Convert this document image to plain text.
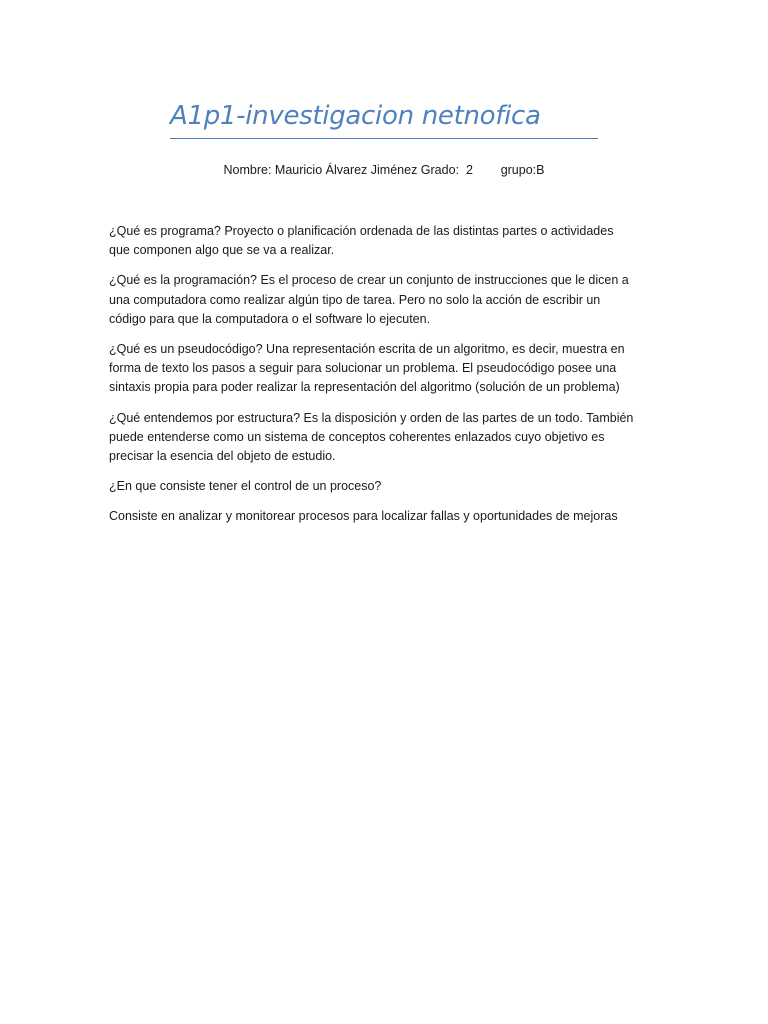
A1p1-investigacion netnofica
Nombre: Mauricio Álvarez Jiménez Grado:  2        grupo:B

¿Qué es programa? Proyecto o planificación ordenada de las distintas partes o actividades
que componen algo que se va a realizar.

¿Qué es la programación? Es el proceso de crear un conjunto de instrucciones que le dicen a
una computadora como realizar algún tipo de tarea. Pero no solo la acción de escribir un
código para que la computadora o el software lo ejecuten.

¿Qué es un pseudocódigo? Una representación escrita de un algoritmo, es decir, muestra en
forma de texto los pasos a seguir para solucionar un problema. El pseudocódigo posee una
sintaxis propia para poder realizar la representación del algoritmo (solución de un problema)

¿Qué entendemos por estructura? Es la disposición y orden de las partes de un todo. También
puede entenderse como un sistema de conceptos coherentes enlazados cuyo objetivo es
precisar la esencia del objeto de estudio.

¿En que consiste tener el control de un proceso?

Consiste en analizar y monitorear procesos para localizar fallas y oportunidades de mejoras
